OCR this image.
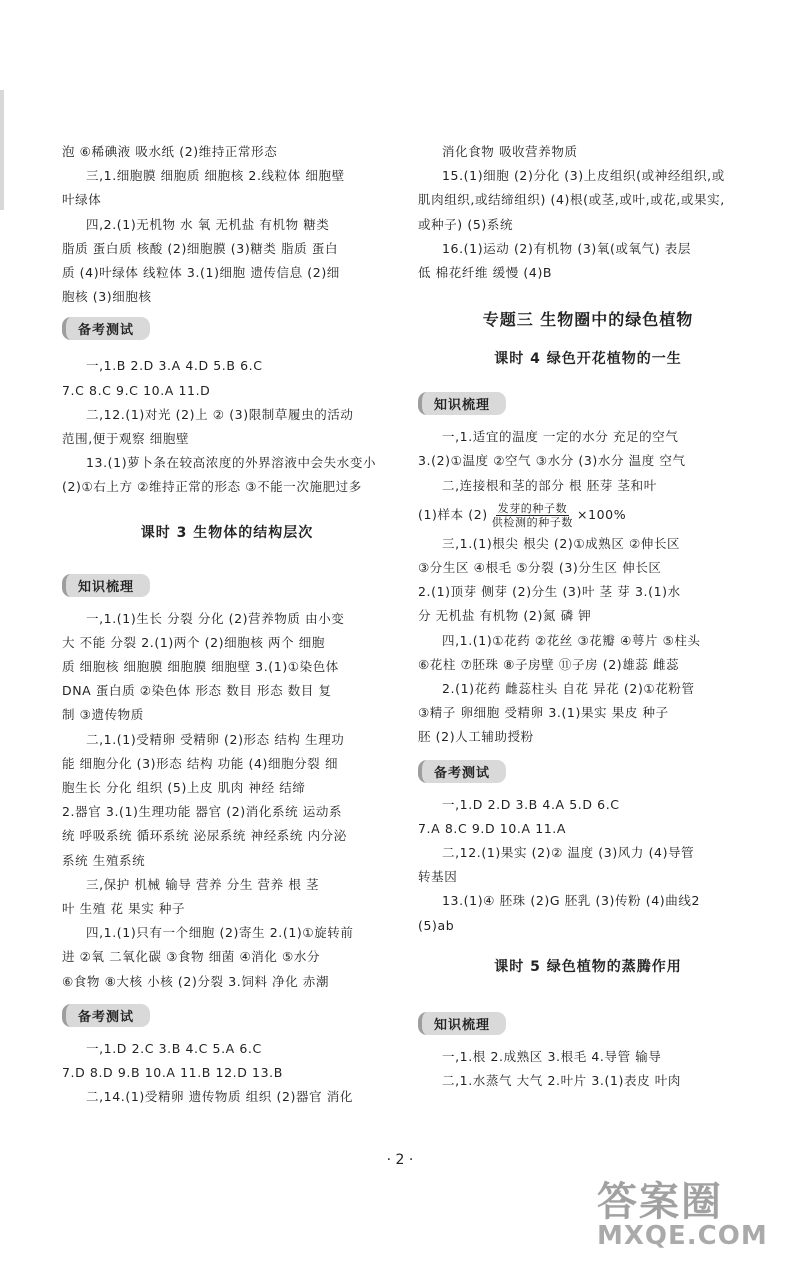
泡 ⑥稀碘液 吸水纸 (2)维持正常形态
三,1.细胞膜 细胞质 细胞核 2.线粒体 细胞壁
叶绿体
四,2.(1)无机物 水 氧 无机盐 有机物 糖类
脂质 蛋白质 核酸 (2)细胞膜 (3)糖类 脂质 蛋白
质 (4)叶绿体 线粒体 3.(1)细胞 遗传信息 (2)细
胞核 (3)细胞核
备考测试
一,1.B 2.D 3.A 4.D 5.B 6.C
7.C 8.C 9.C 10.A 11.D
二,12.(1)对光 (2)上 ② (3)限制草履虫的活动
范围,便于观察 细胞壁
13.(1)萝卜条在较高浓度的外界溶液中会失水变小
(2)①右上方 ②维持正常的形态 ③不能一次施肥过多
课时 3 生物体的结构层次
知识梳理
一,1.(1)生长 分裂 分化 (2)营养物质 由小变
大 不能 分裂 2.(1)两个 (2)细胞核 两个 细胞
质 细胞核 细胞膜 细胞膜 细胞壁 3.(1)①染色体
DNA 蛋白质 ②染色体 形态 数目 形态 数目 复
制 ③遗传物质
二,1.(1)受精卵 受精卵 (2)形态 结构 生理功
能 细胞分化 (3)形态 结构 功能 (4)细胞分裂 细
胞生长 分化 组织 (5)上皮 肌肉 神经 结缔
2.器官 3.(1)生理功能 器官 (2)消化系统 运动系
统 呼吸系统 循环系统 泌尿系统 神经系统 内分泌
系统 生殖系统
三,保护 机械 输导 营养 分生 营养 根 茎
叶 生殖 花 果实 种子
四,1.(1)只有一个细胞 (2)寄生 2.(1)①旋转前
进 ②氧 二氧化碳 ③食物 细菌 ④消化 ⑤水分
⑥食物 ⑧大核 小核 (2)分裂 3.饲料 净化 赤潮
备考测试
一,1.D 2.C 3.B 4.C 5.A 6.C
7.D 8.D 9.B 10.A 11.B 12.D 13.B
二,14.(1)受精卵 遗传物质 组织 (2)器官 消化
消化食物 吸收营养物质
15.(1)细胞 (2)分化 (3)上皮组织(或神经组织,或
肌肉组织,或结缔组织) (4)根(或茎,或叶,或花,或果实,
或种子) (5)系统
16.(1)运动 (2)有机物 (3)氧(或氧气) 表层
低 棉花纤维 缓慢 (4)B
专题三 生物圈中的绿色植物
课时 4 绿色开花植物的一生
知识梳理
一,1.适宜的温度 一定的水分 充足的空气
3.(2)①温度 ②空气 ③水分 (3)水分 温度 空气
二,连接根和茎的部分 根 胚芽 茎和叶
(1)样本 $(2) \frac{\text{发芽的种子数}}{\text{供检测的种子数}} \times 100\%$
三,1.(1)根尖 根尖 (2)①成熟区 ②伸长区
③分生区 ④根毛 ⑤分裂 (3)分生区 伸长区
2.(1)顶芽 侧芽 (2)分生 (3)叶 茎 芽 3.(1)水
分 无机盐 有机物 (2)氮 磷 钾
四,1.(1)①花药 ②花丝 ③花瓣 ④萼片 ⑤柱头
⑥花柱 ⑦胚珠 ⑧子房壁 ⑪子房 (2)雄蕊 雌蕊
2.(1)花药 雌蕊柱头 自花 异花 (2)①花粉管
③精子 卵细胞 受精卵 3.(1)果实 果皮 种子
胚 (2)人工辅助授粉
备考测试
一,1.D 2.D 3.B 4.A 5.D 6.C
7.A 8.C 9.D 10.A 11.A
二,12.(1)果实 (2)② 温度 (3)风力 (4)导管
转基因
13.(1)④ 胚珠 (2)G 胚乳 (3)传粉 (4)曲线2
(5)ab
课时 5 绿色植物的蒸腾作用
知识梳理
一,1.根 2.成熟区 3.根毛 4.导管 输导
二,1.水蒸气 大气 2.叶片 3.(1)表皮 叶肉
· 2 ·
答案圈
MXQE.COM
